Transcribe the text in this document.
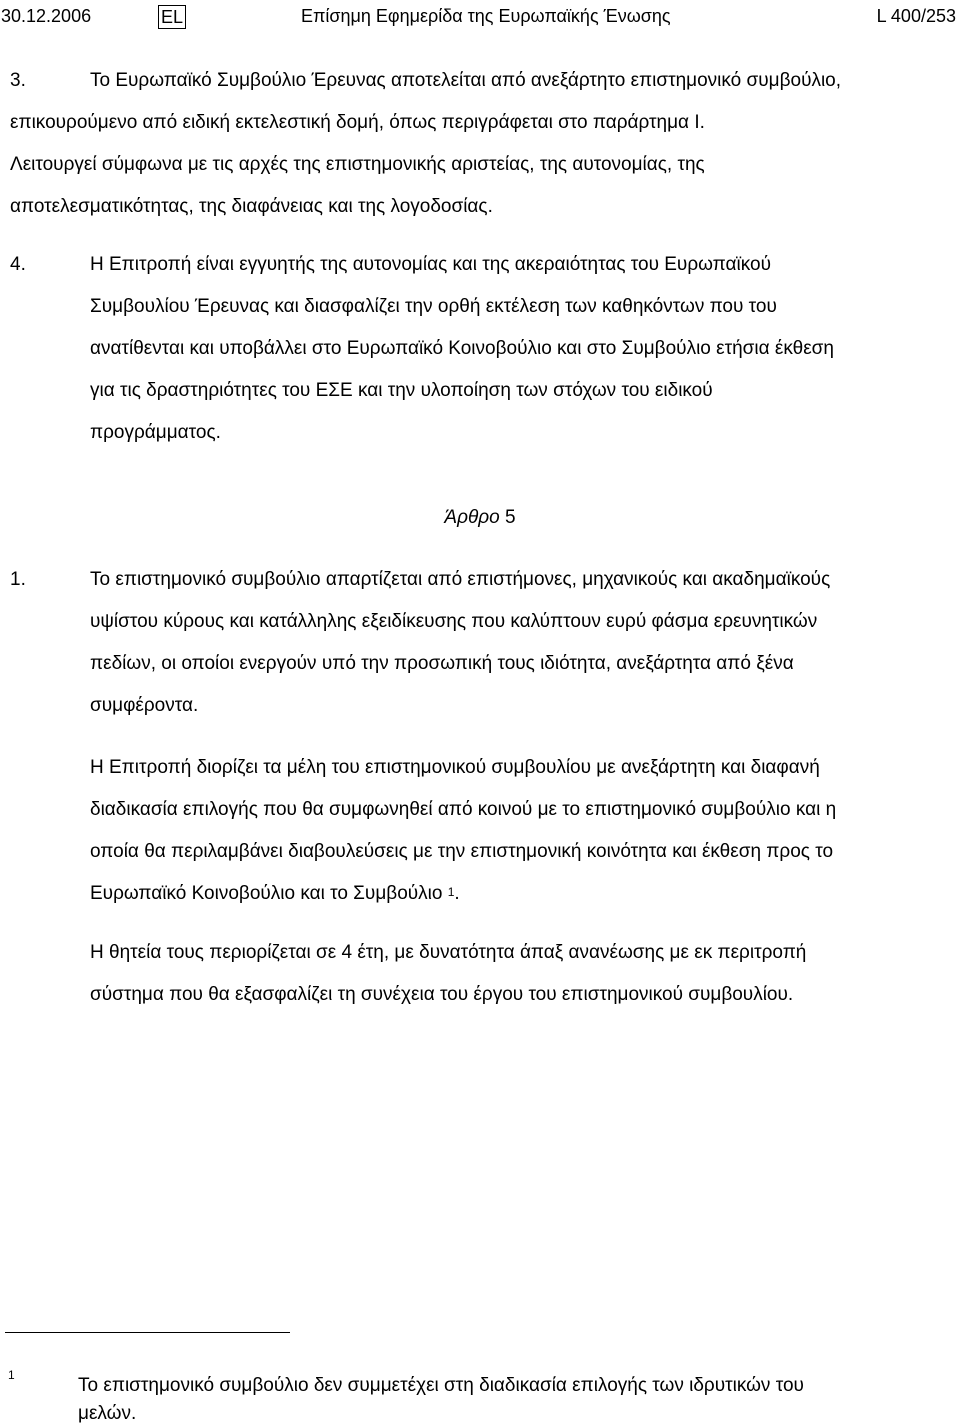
30.12.2006	EL	Επίσημη Εφημερίδα της Ευρωπαϊκής Ένωσης	L 400/253
3.	Το Ευρωπαϊκό Συμβούλιο Έρευνας αποτελείται από ανεξάρτητο επιστημονικό συμβούλιο,
επικουρούμενο από ειδική εκτελεστική δομή, όπως περιγράφεται στο παράρτημα Ι.
Λειτουργεί σύμφωνα με τις αρχές της επιστημονικής αριστείας, της αυτονομίας, της
αποτελεσματικότητας, της διαφάνειας και της λογοδοσίας.
4.	Η Επιτροπή είναι εγγυητής της αυτονομίας και της ακεραιότητας του Ευρωπαϊκού
Συμβουλίου Έρευνας και διασφαλίζει την ορθή εκτέλεση των καθηκόντων που του
ανατίθενται και υποβάλλει στο Ευρωπαϊκό Κοινοβούλιο και στο Συμβούλιο ετήσια έκθεση
για τις δραστηριότητες του ΕΣΕ και την υλοποίηση των στόχων του ειδικού
προγράμματος.
Άρθρο 5
1.	Το επιστημονικό συμβούλιο απαρτίζεται από επιστήμονες, μηχανικούς και ακαδημαϊκούς
υψίστου κύρους και κατάλληλης εξειδίκευσης που καλύπτουν ευρύ φάσμα ερευνητικών
πεδίων, οι οποίοι ενεργούν υπό την προσωπική τους ιδιότητα, ανεξάρτητα από ξένα
συμφέροντα.
Η Επιτροπή διορίζει τα μέλη του επιστημονικού συμβουλίου με ανεξάρτητη και διαφανή
διαδικασία επιλογής που θα συμφωνηθεί από κοινού με το επιστημονικό συμβούλιο και η
οποία θα περιλαμβάνει διαβουλεύσεις με την επιστημονική κοινότητα και έκθεση προς το
Ευρωπαϊκό Κοινοβούλιο και το Συμβούλιο $^1$.
Η θητεία τους περιορίζεται σε 4 έτη, με δυνατότητα άπαξ ανανέωσης με εκ περιτροπή
σύστημα που θα εξασφαλίζει τη συνέχεια του έργου του επιστημονικού συμβουλίου.
1	Το επιστημονικό συμβούλιο δεν συμμετέχει στη διαδικασία επιλογής των ιδρυτικών του
μελών.
